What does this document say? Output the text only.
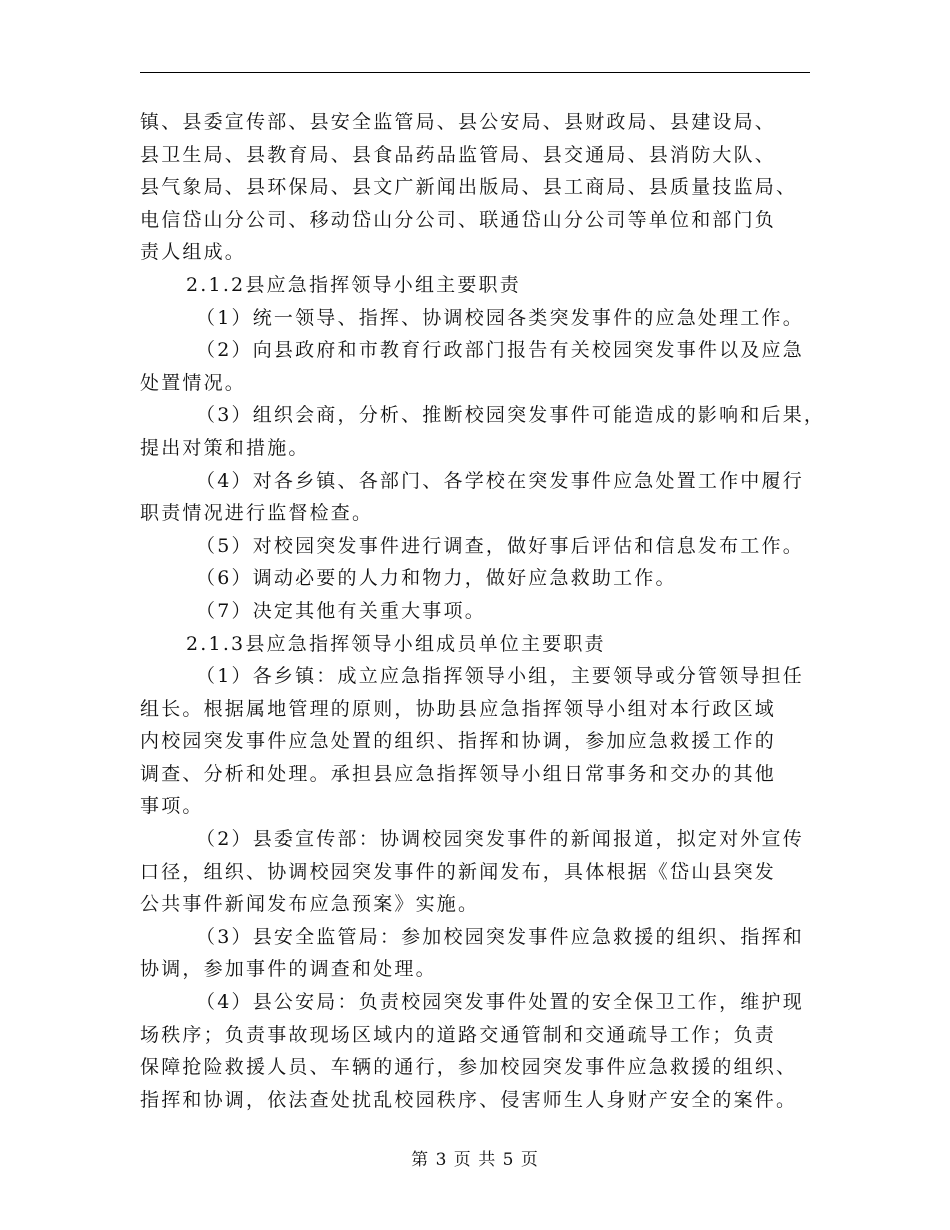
镇、县委宣传部、县安全监管局、县公安局、县财政局、县建设局、
县卫生局、县教育局、县食品药品监管局、县交通局、县消防大队、
县气象局、县环保局、县文广新闻出版局、县工商局、县质量技监局、
电信岱山分公司、移动岱山分公司、联通岱山分公司等单位和部门负
责人组成。
2.1.2县应急指挥领导小组主要职责
（1）统一领导、指挥、协调校园各类突发事件的应急处理工作。
（2）向县政府和市教育行政部门报告有关校园突发事件以及应急
处置情况。
（3）组织会商，分析、推断校园突发事件可能造成的影响和后果，
提出对策和措施。
（4）对各乡镇、各部门、各学校在突发事件应急处置工作中履行
职责情况进行监督检查。
（5）对校园突发事件进行调查，做好事后评估和信息发布工作。
（6）调动必要的人力和物力，做好应急救助工作。
（7）决定其他有关重大事项。
2.1.3县应急指挥领导小组成员单位主要职责
（1）各乡镇：成立应急指挥领导小组，主要领导或分管领导担任
组长。根据属地管理的原则，协助县应急指挥领导小组对本行政区域
内校园突发事件应急处置的组织、指挥和协调，参加应急救援工作的
调查、分析和处理。承担县应急指挥领导小组日常事务和交办的其他
事项。
（2）县委宣传部：协调校园突发事件的新闻报道，拟定对外宣传
口径，组织、协调校园突发事件的新闻发布，具体根据《岱山县突发
公共事件新闻发布应急预案》实施。
（3）县安全监管局：参加校园突发事件应急救援的组织、指挥和
协调，参加事件的调查和处理。
（4）县公安局：负责校园突发事件处置的安全保卫工作，维护现
场秩序；负责事故现场区域内的道路交通管制和交通疏导工作；负责
保障抢险救援人员、车辆的通行，参加校园突发事件应急救援的组织、
指挥和协调，依法查处扰乱校园秩序、侵害师生人身财产安全的案件。
第 3 页 共 5 页
